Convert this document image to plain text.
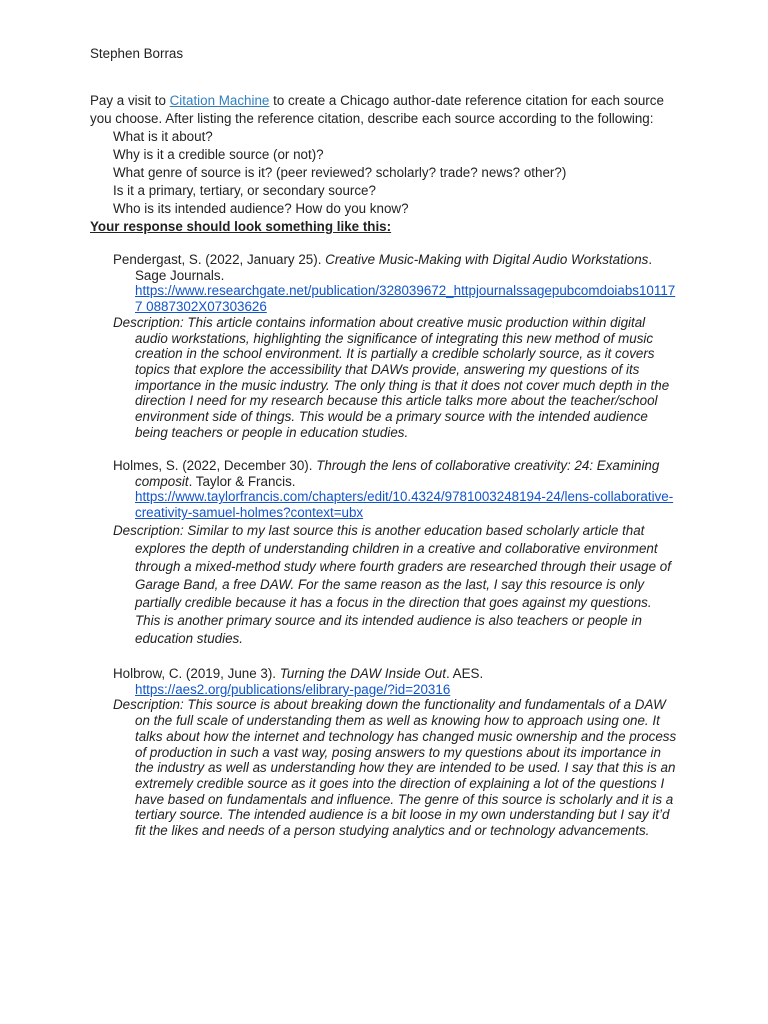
Stephen Borras
Pay a visit to Citation Machine to create a Chicago author-date reference citation for each source
you choose. After listing the reference citation, describe each source according to the following:
What is it about?
Why is it a credible source (or not)?
What genre of source is it? (peer reviewed? scholarly? trade? news? other?)
Is it a primary, tertiary, or secondary source?
Who is its intended audience? How do you know?
Your response should look something like this:
Pendergast, S. (2022, January 25). Creative Music-Making with Digital Audio Workstations. Sage Journals.
https://www.researchgate.net/publication/328039672_httpjournalssagepubcomdoiabs101177 0887302X07303626
Description: This article contains information about creative music production within digital audio workstations, highlighting the significance of integrating this new method of music creation in the school environment. It is partially a credible scholarly source, as it covers topics that explore the accessibility that DAWs provide, answering my questions of its importance in the music industry. The only thing is that it does not cover much depth in the direction I need for my research because this article talks more about the teacher/school environment side of things. This would be a primary source with the intended audience being teachers or people in education studies.
Holmes, S. (2022, December 30). Through the lens of collaborative creativity: 24: Examining composit. Taylor & Francis.
https://www.taylorfrancis.com/chapters/edit/10.4324/9781003248194-24/lens-collaborative-creativity-samuel-holmes?context=ubx
Description: Similar to my last source this is another education based scholarly article that explores the depth of understanding children in a creative and collaborative environment through a mixed-method study where fourth graders are researched through their usage of Garage Band, a free DAW. For the same reason as the last, I say this resource is only partially credible because it has a focus in the direction that goes against my questions. This is another primary source and its intended audience is also teachers or people in education studies.
Holbrow, C. (2019, June 3). Turning the DAW Inside Out. AES.
https://aes2.org/publications/elibrary-page/?id=20316
Description: This source is about breaking down the functionality and fundamentals of a DAW on the full scale of understanding them as well as knowing how to approach using one. It talks about how the internet and technology has changed music ownership and the process of production in such a vast way, posing answers to my questions about its importance in the industry as well as understanding how they are intended to be used. I say that this is an extremely credible source as it goes into the direction of explaining a lot of the questions I have based on fundamentals and influence. The genre of this source is scholarly and it is a tertiary source. The intended audience is a bit loose in my own understanding but I say it’d fit the likes and needs of a person studying analytics and or technology advancements.
